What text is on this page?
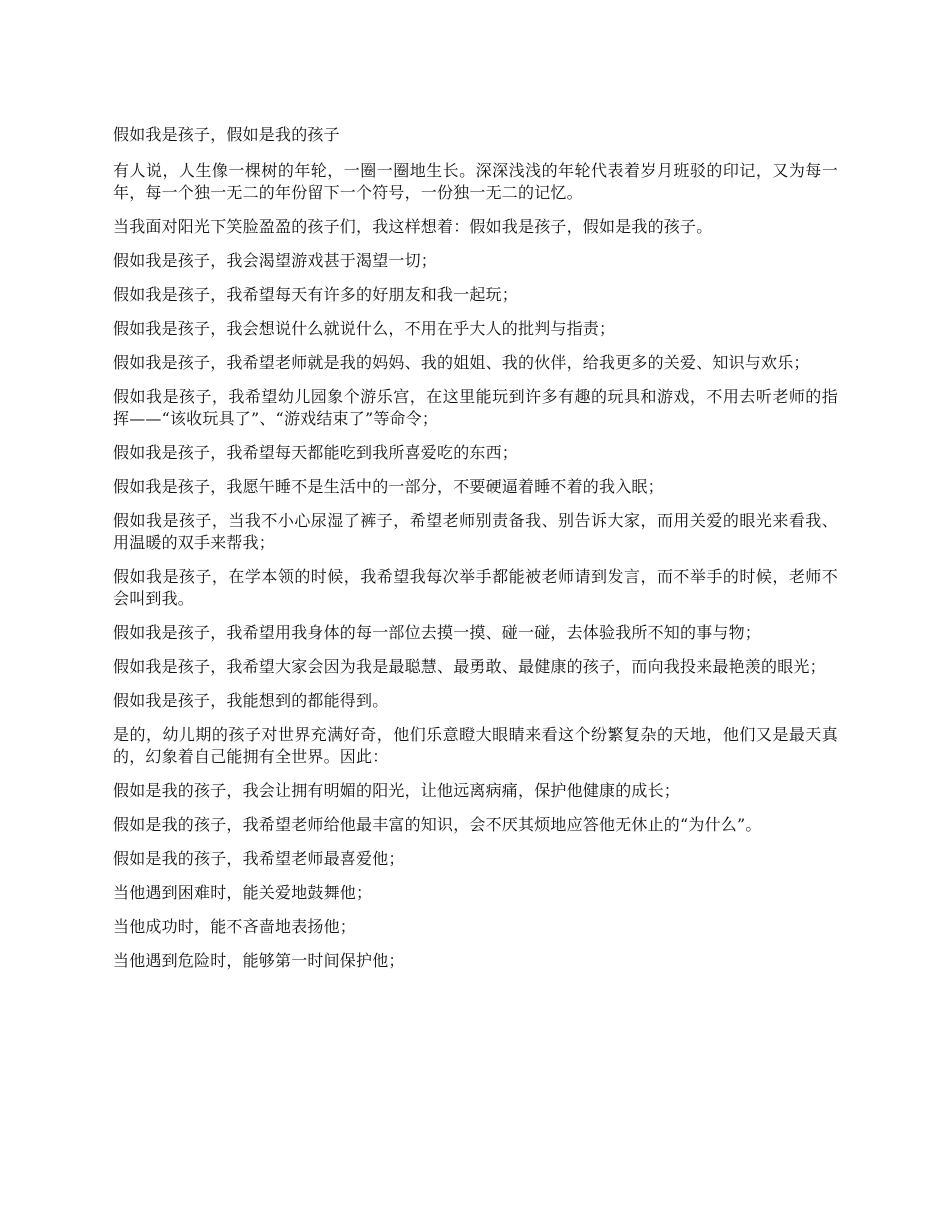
假如我是孩子，假如是我的孩子

有人说，人生像一棵树的年轮，一圈一圈地生长。深深浅浅的年轮代表着岁月班驳的印记，又为每一年，每一个独一无二的年份留下一个符号，一份独一无二的记忆。

当我面对阳光下笑脸盈盈的孩子们，我这样想着：假如我是孩子，假如是我的孩子。

假如我是孩子，我会渴望游戏甚于渴望一切；

假如我是孩子，我希望每天有许多的好朋友和我一起玩；

假如我是孩子，我会想说什么就说什么，不用在乎大人的批判与指责；

假如我是孩子，我希望老师就是我的妈妈、我的姐姐、我的伙伴，给我更多的关爱、知识与欢乐；

假如我是孩子，我希望幼儿园象个游乐宫，在这里能玩到许多有趣的玩具和游戏，不用去听老师的指挥——“该收玩具了”、“游戏结束了”等命令；

假如我是孩子，我希望每天都能吃到我所喜爱吃的东西；

假如我是孩子，我愿午睡不是生活中的一部分，不要硬逼着睡不着的我入眠；

假如我是孩子，当我不小心尿湿了裤子，希望老师别责备我、别告诉大家，而用关爱的眼光来看我、用温暖的双手来帮我；

假如我是孩子，在学本领的时候，我希望我每次举手都能被老师请到发言，而不举手的时候，老师不会叫到我。

假如我是孩子，我希望用我身体的每一部位去摸一摸、碰一碰，去体验我所不知的事与物；

假如我是孩子，我希望大家会因为我是最聪慧、最勇敢、最健康的孩子，而向我投来最艳羡的眼光；

假如我是孩子，我能想到的都能得到。

是的，幼儿期的孩子对世界充满好奇，他们乐意瞪大眼睛来看这个纷繁复杂的天地，他们又是最天真的，幻象着自己能拥有全世界。因此：

假如是我的孩子，我会让拥有明媚的阳光，让他远离病痛，保护他健康的成长；

假如是我的孩子，我希望老师给他最丰富的知识，会不厌其烦地应答他无休止的“为什么”。

假如是我的孩子，我希望老师最喜爱他；

当他遇到困难时，能关爱地鼓舞他；

当他成功时，能不吝啬地表扬他；

当他遇到危险时，能够第一时间保护他；
